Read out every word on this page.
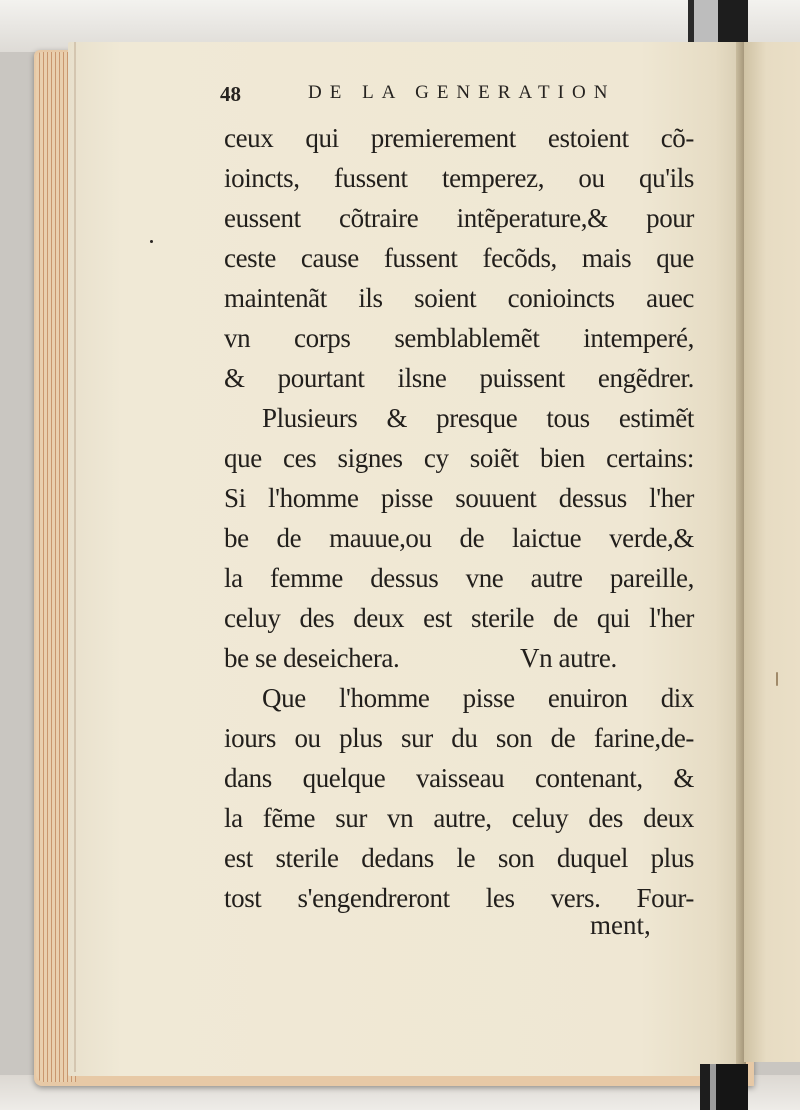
48	DE LA GENERATION
ceux qui premierement estoient cõ-
ioincts, fussent temperez, ou qu'ils
eussent cõtraire intẽperature,& pour
ceste cause fussent fecõds, mais que
maintenãt ils soient conioincts auec
vn corps semblablemẽt intemperé,
& pourtant ilsne puissent engẽdrer.
Plusieurs & presque tous estimẽt
que ces signes cy soiẽt bien certains:
Si l'homme pisse souuent dessus l'her
be de mauue,ou de laictue verde,&
la femme dessus vne autre pareille,
celuy des deux est sterile de qui l'her
be se deseichera.	Vn autre.
Que l'homme pisse enuiron dix
iours ou plus sur du son de farine,de-
dans quelque vaisseau contenant, &
la fẽme sur vn autre, celuy des deux
est sterile dedans le son duquel plus
tost s'engendreront les vers. Four-
ment,
